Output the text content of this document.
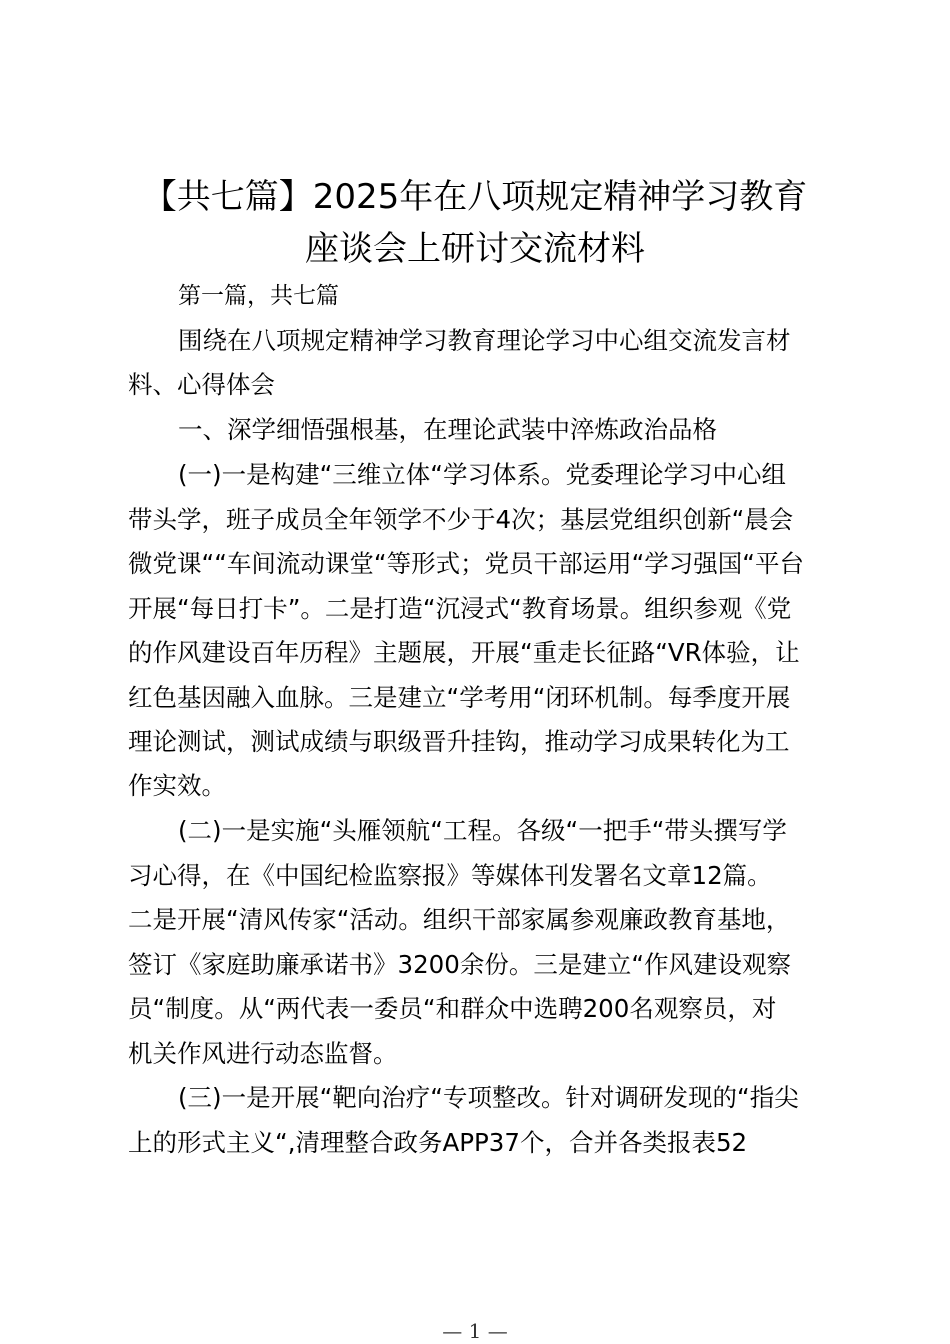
【共七篇】2025年在八项规定精神学习教育
座谈会上研讨交流材料

第一篇，共七篇

围绕在八项规定精神学习教育理论学习中心组交流发言材

料、心得体会

一、深学细悟强根基，在理论武装中淬炼政治品格

(一)一是构建“三维立体“学习体系。党委理论学习中心组

带头学，班子成员全年领学不少于4次；基层党组织创新“晨会

微党课““车间流动课堂“等形式；党员干部运用“学习强国“平台

开展“每日打卡”。二是打造“沉浸式“教育场景。组织参观《党

的作风建设百年历程》主题展，开展“重走长征路“VR体验，让

红色基因融入血脉。三是建立“学考用“闭环机制。每季度开展

理论测试，测试成绩与职级晋升挂钩，推动学习成果转化为工

作实效。

(二)一是实施“头雁领航“工程。各级“一把手“带头撰写学

习心得，在《中国纪检监察报》等媒体刊发署名文章12篇。

二是开展“清风传家“活动。组织干部家属参观廉政教育基地，

签订《家庭助廉承诺书》3200余份。三是建立“作风建设观察

员“制度。从“两代表一委员“和群众中选聘200名观察员，对

机关作风进行动态监督。

(三)一是开展“靶向治疗“专项整改。针对调研发现的“指尖

上的形式主义“,清理整合政务APP37个，合并各类报表52

— 1 —
